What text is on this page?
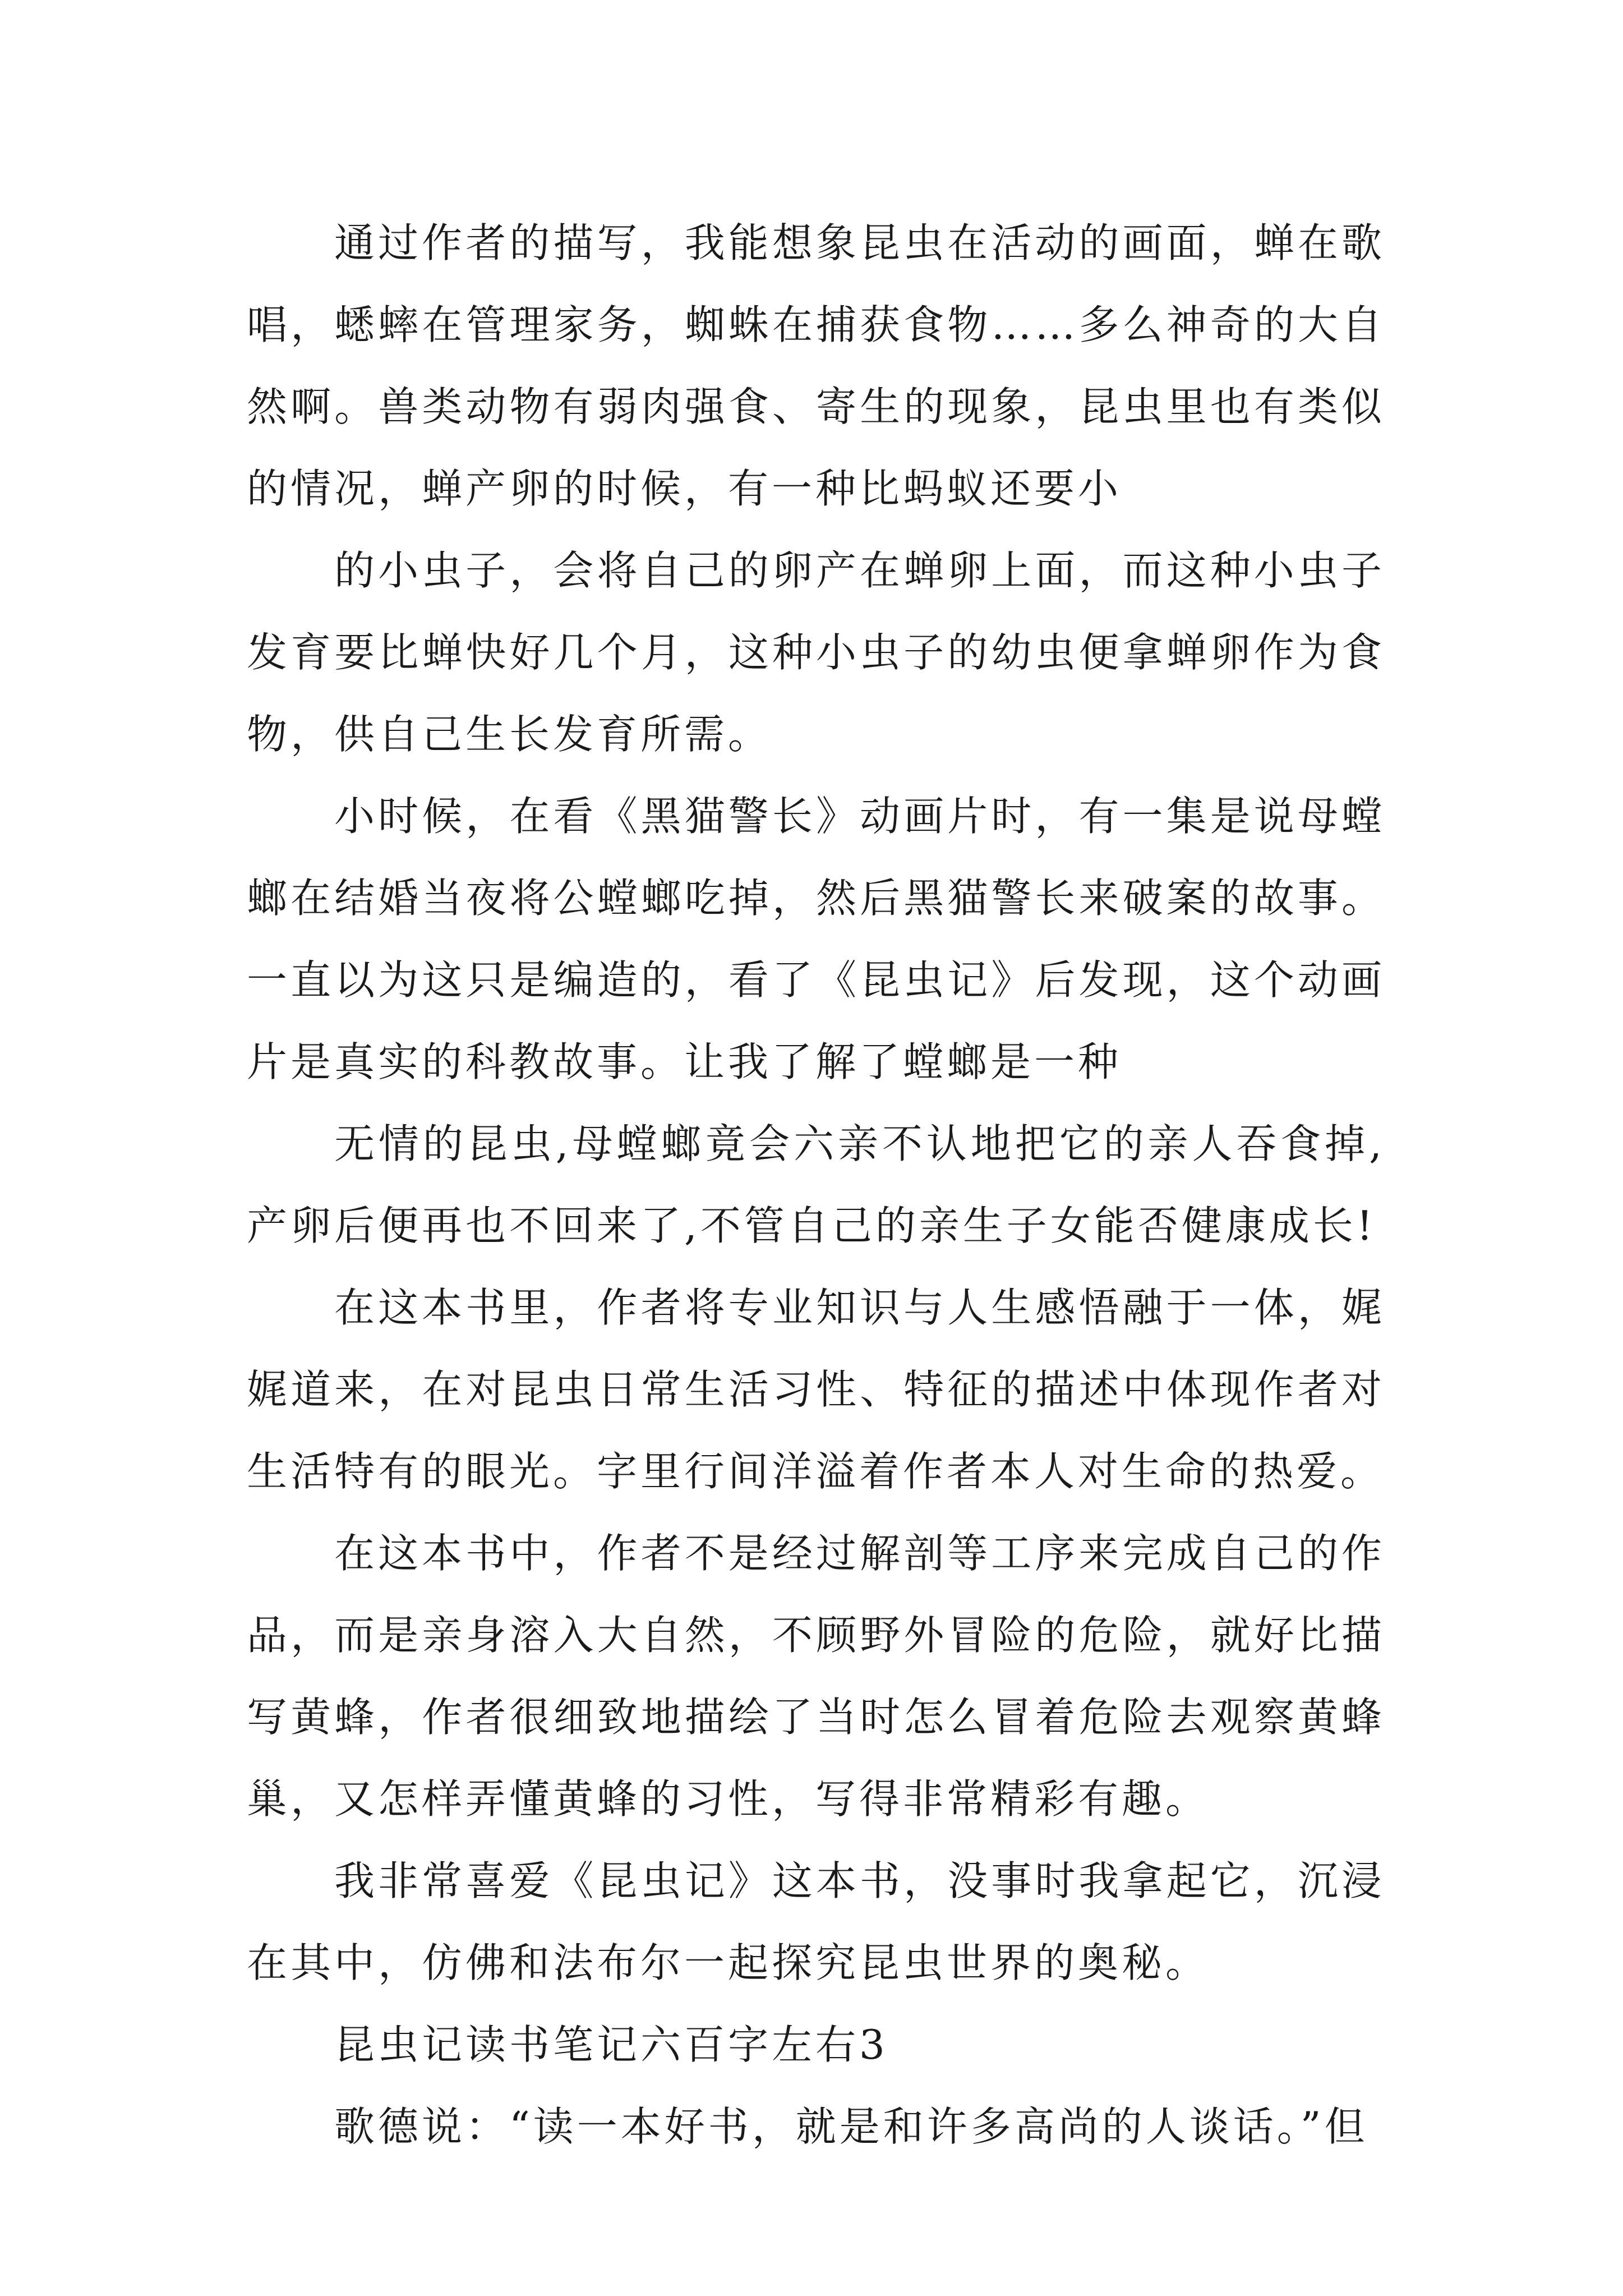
通过作者的描写，我能想象昆虫在活动的画面，蝉在歌唱，蟋蟀在管理家务，蜘蛛在捕获食物……多么神奇的大自然啊。兽类动物有弱肉强食、寄生的现象，昆虫里也有类似的情况，蝉产卵的时候，有一种比蚂蚁还要小

的小虫子，会将自己的卵产在蝉卵上面，而这种小虫子发育要比蝉快好几个月，这种小虫子的幼虫便拿蝉卵作为食物，供自己生长发育所需。

小时候，在看《黑猫警长》动画片时，有一集是说母螳螂在结婚当夜将公螳螂吃掉，然后黑猫警长来破案的故事。一直以为这只是编造的，看了《昆虫记》后发现，这个动画片是真实的科教故事。让我了解了螳螂是一种

无情的昆虫,母螳螂竟会六亲不认地把它的亲人吞食掉,产卵后便再也不回来了,不管自己的亲生子女能否健康成长!

在这本书里，作者将专业知识与人生感悟融于一体，娓娓道来，在对昆虫日常生活习性、特征的描述中体现作者对生活特有的眼光。字里行间洋溢着作者本人对生命的热爱。

在这本书中，作者不是经过解剖等工序来完成自己的作品，而是亲身溶入大自然，不顾野外冒险的危险，就好比描写黄蜂，作者很细致地描绘了当时怎么冒着危险去观察黄蜂巢，又怎样弄懂黄蜂的习性，写得非常精彩有趣。

我非常喜爱《昆虫记》这本书，没事时我拿起它，沉浸在其中，仿佛和法布尔一起探究昆虫世界的奥秘。

昆虫记读书笔记六百字左右3

歌德说：“读一本好书，就是和许多高尚的人谈话。”但
